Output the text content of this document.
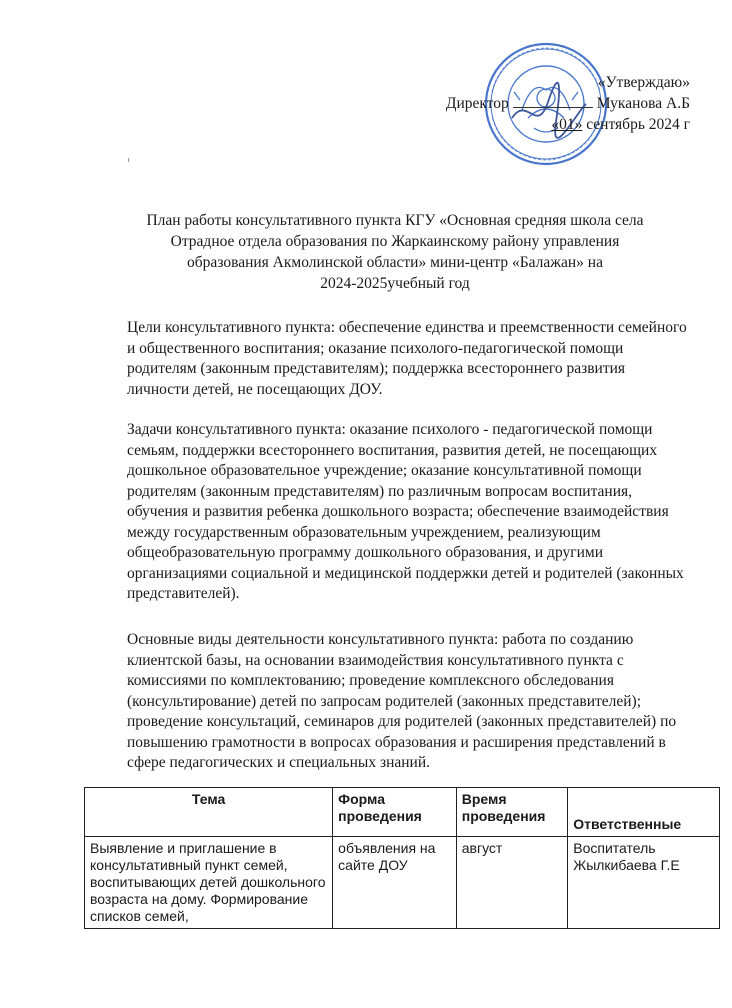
«Утверждаю»
Директор	Муканова А.Б
«01» сентябрь 2024 г
План работы консультативного пункта КГУ «Основная средняя школа села
Отрадное отдела образования по Жаркаинскому району управления
образования Акмолинской области» мини-центр «Балажан» на
2024-2025учебный год
Цели консультативного пункта: обеспечение единства и преемственности семейного и общественного воспитания; оказание психолого-педагогической помощи родителям (законным представителям); поддержка всестороннего развития личности детей, не посещающих ДОУ.
Задачи консультативного пункта: оказание психолого - педагогической помощи семьям, поддержки всестороннего воспитания, развития детей, не посещающих дошкольное образовательное учреждение; оказание консультативной помощи родителям (законным представителям) по различным вопросам воспитания, обучения и развития ребенка дошкольного возраста; обеспечение взаимодействия между государственным образовательным учреждением, реализующим общеобразовательную программу дошкольного образования, и другими организациями социальной и медицинской поддержки детей и родителей (законных представителей).
Основные виды деятельности консультативного пункта: работа по созданию клиентской базы, на основании взаимодействия консультативного пункта с комиссиями по комплектованию; проведение комплексного обследования (консультирование) детей по запросам родителей (законных представителей); проведение консультаций, семинаров для родителей (законных представителей) по повышению грамотности в вопросах образования и расширения представлений в сфере педагогических и специальных знаний.
Тема	Форма проведения	Время проведения	Ответственные
Выявление и приглашение в консультативный пункт семей, воспитывающих детей дошкольного возраста на дому. Формирование списков семей,	объявления на сайте ДОУ	август	Воспитатель Жылкибаева Г.Е
